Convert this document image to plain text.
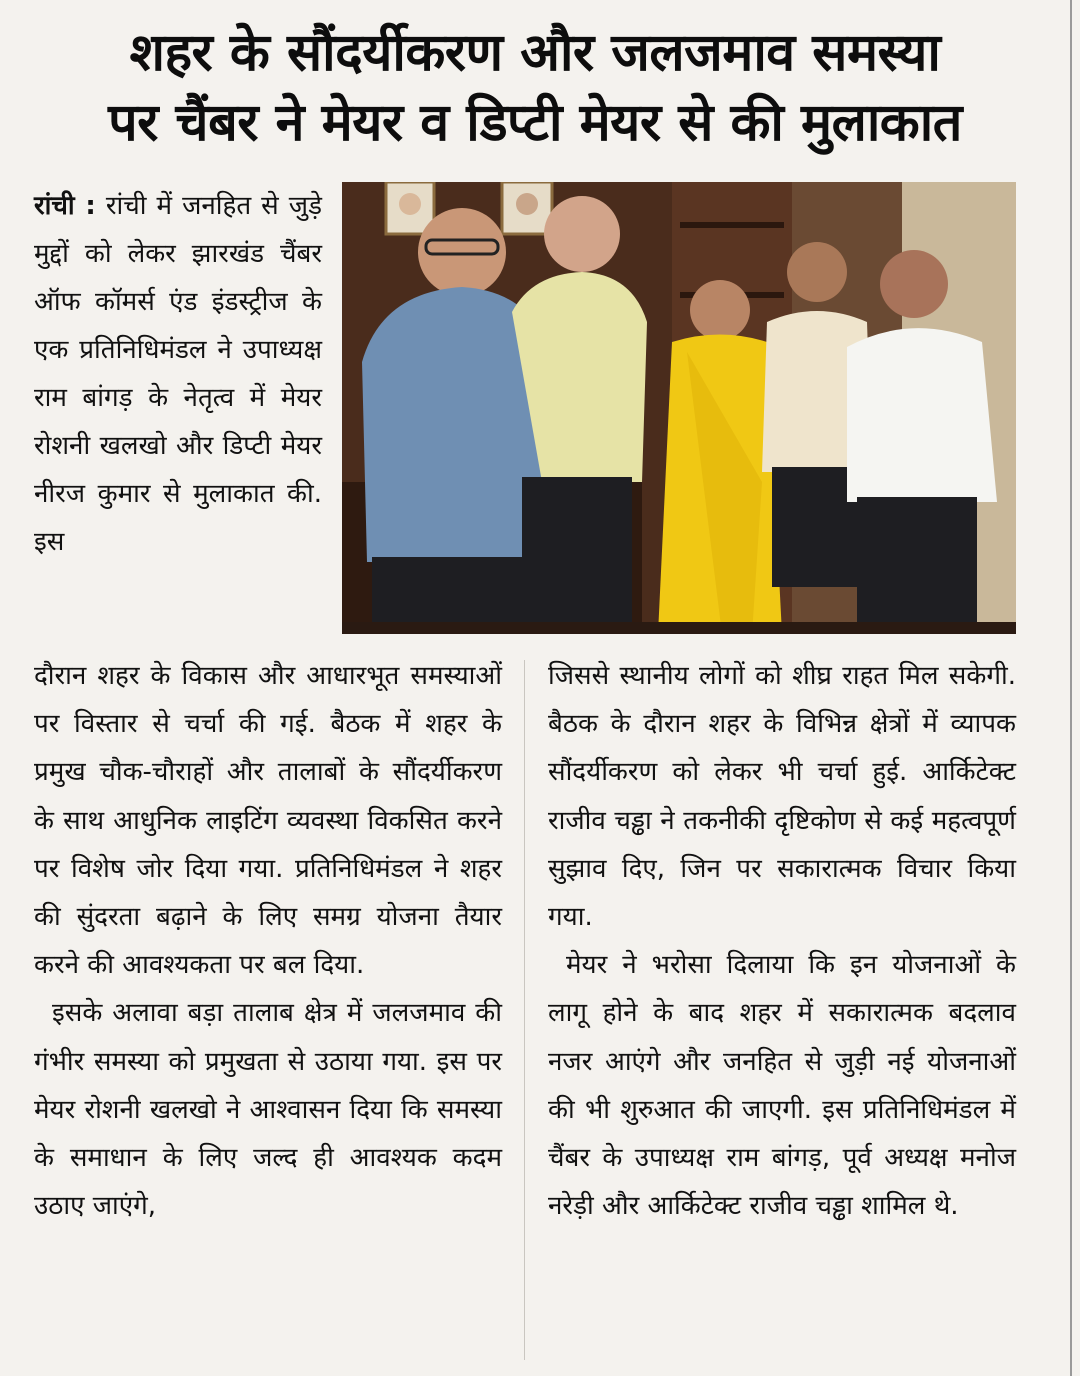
शहर के सौंदर्यीकरण और जलजमाव समस्या
पर चैंबर ने मेयर व डिप्टी मेयर से की मुलाकात
रांची : रांची में जनहित से जुड़े मुद्दों को लेकर झारखंड चैंबर ऑफ कॉमर्स एंड इंडस्ट्रीज के एक प्रतिनिधिमंडल ने उपाध्यक्ष राम बांगड़ के नेतृत्व में मेयर रोशनी खलखो और डिप्टी मेयर नीरज कुमार से मुलाकात की. इस

दौरान शहर के विकास और आधारभूत समस्याओं पर विस्तार से चर्चा की गई. बैठक में शहर के प्रमुख चौक-चौराहों और तालाबों के सौंदर्यीकरण के साथ आधुनिक लाइटिंग व्यवस्था विकसित करने पर विशेष जोर दिया गया. प्रतिनिधिमंडल ने शहर की सुंदरता बढ़ाने के लिए समग्र योजना तैयार करने की आवश्यकता पर बल दिया.

इसके अलावा बड़ा तालाब क्षेत्र में जलजमाव की गंभीर समस्या को प्रमुखता से उठाया गया. इस पर मेयर रोशनी खलखो ने आश्वासन दिया कि समस्या के समाधान के लिए जल्द ही आवश्यक कदम उठाए जाएंगे,

जिससे स्थानीय लोगों को शीघ्र राहत मिल सकेगी. बैठक के दौरान शहर के विभिन्न क्षेत्रों में व्यापक सौंदर्यीकरण को लेकर भी चर्चा हुई. आर्किटेक्ट राजीव चड्ढा ने तकनीकी दृष्टिकोण से कई महत्वपूर्ण सुझाव दिए, जिन पर सकारात्मक विचार किया गया.

मेयर ने भरोसा दिलाया कि इन योजनाओं के लागू होने के बाद शहर में सकारात्मक बदलाव नजर आएंगे और जनहित से जुड़ी नई योजनाओं की भी शुरुआत की जाएगी. इस प्रतिनिधिमंडल में चैंबर के उपाध्यक्ष राम बांगड़, पूर्व अध्यक्ष मनोज नरेड़ी और आर्किटेक्ट राजीव चड्ढा शामिल थे.
